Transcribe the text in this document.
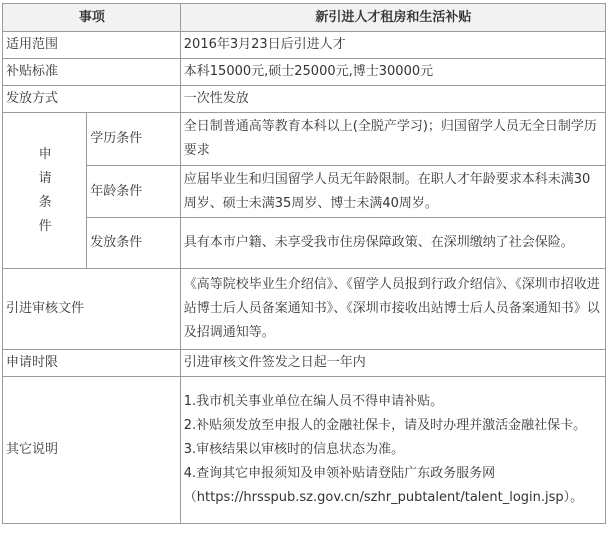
事项		新引进人才租房和生活补贴
适用范围		2016年3月23日后引进人才
补贴标准		本科15000元,硕士25000元,博士30000元
发放方式		一次性发放

申
请
条
件	学历条件	全日制普通高等教育本科以上(全脱产学习)；归国留学人员无全日制学历要求
	年龄条件	应届毕业生和归国留学人员无年龄限制。在职人才年龄要求本科未满30周岁、硕士未满35周岁、博士未满40周岁。
	发放条件	具有本市户籍、未享受我市住房保障政策、在深圳缴纳了社会保险。
引进审核文件		《高等院校毕业生介绍信》、《留学人员报到行政介绍信》、《深圳市招收进站博士后人员备案通知书》、《深圳市接收出站博士后人员备案通知书》以及招调通知等。
申请时限		引进审核文件签发之日起一年内
其它说明		1.我市机关事业单位在编人员不得申请补贴。
2.补贴须发放至申报人的金融社保卡，请及时办理并激活金融社保卡。
3.审核结果以审核时的信息状态为准。
4.查询其它申报须知及申领补贴请登陆广东政务服务网（https://hrsspub.sz.gov.cn/szhr_pubtalent/talent_login.jsp）。
